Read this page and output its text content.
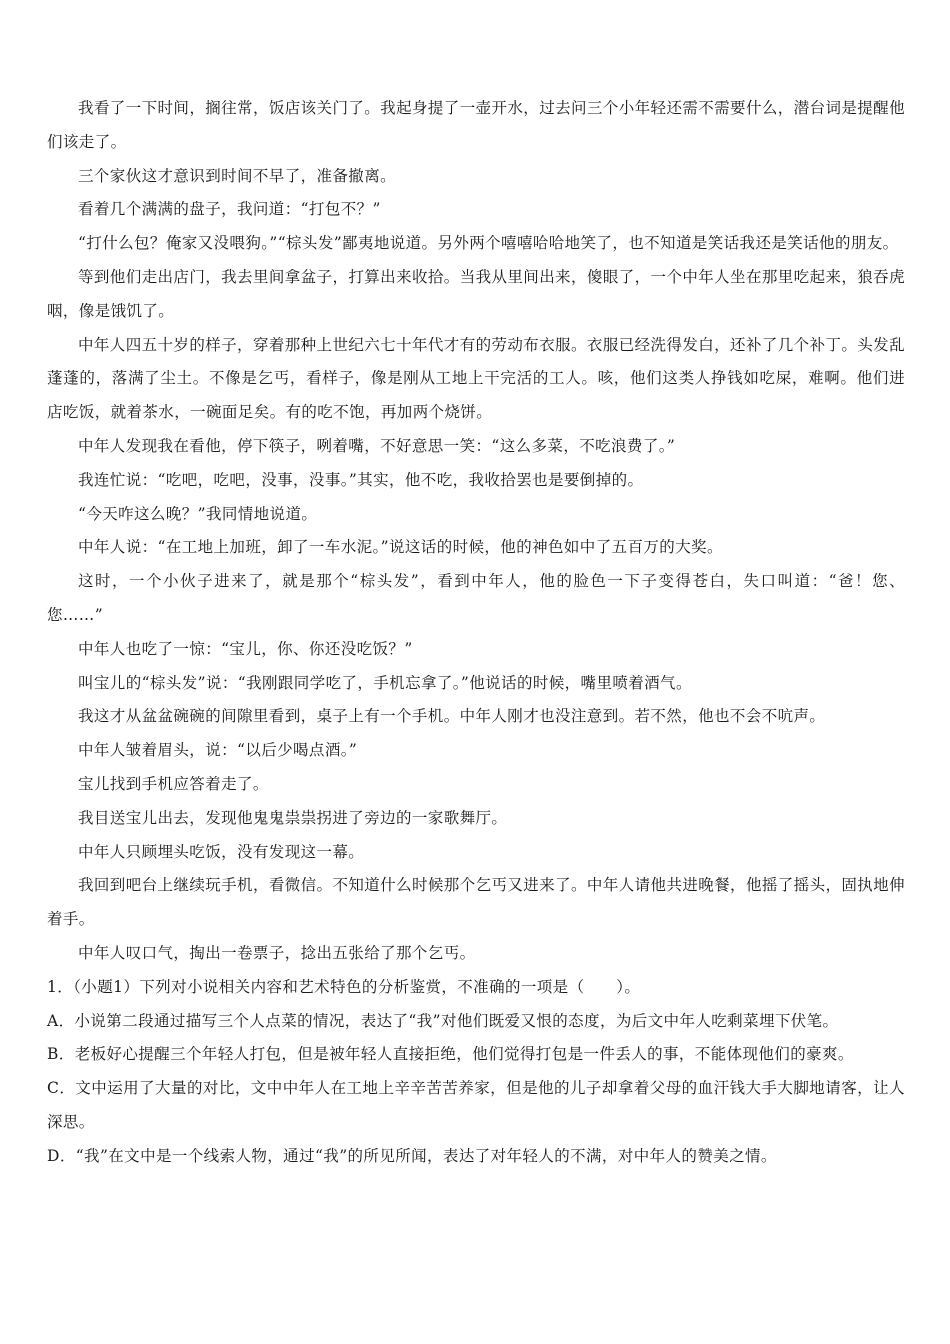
我看了一下时间，搁往常，饭店该关门了。我起身提了一壶开水，过去问三个小年轻还需不需要什么，潜台词是提醒他们该走了。

三个家伙这才意识到时间不早了，准备撤离。

看着几个满满的盘子，我问道：“打包不？”

“打什么包？俺家又没喂狗。”“棕头发”鄙夷地说道。另外两个嘻嘻哈哈地笑了，也不知道是笑话我还是笑话他的朋友。

等到他们走出店门，我去里间拿盆子，打算出来收拾。当我从里间出来，傻眼了，一个中年人坐在那里吃起来，狼吞虎咽，像是饿饥了。

中年人四五十岁的样子，穿着那种上世纪六七十年代才有的劳动布衣服。衣服已经洗得发白，还补了几个补丁。头发乱蓬蓬的，落满了尘土。不像是乞丐，看样子，像是刚从工地上干完活的工人。咳，他们这类人挣钱如吃屎，难啊。他们进店吃饭，就着茶水，一碗面足矣。有的吃不饱，再加两个烧饼。

中年人发现我在看他，停下筷子，咧着嘴，不好意思一笑：“这么多菜，不吃浪费了。”

我连忙说：“吃吧，吃吧，没事，没事。”其实，他不吃，我收拾罢也是要倒掉的。

“今天咋这么晚？”我同情地说道。

中年人说：“在工地上加班，卸了一车水泥。”说这话的时候，他的神色如中了五百万的大奖。

这时，一个小伙子进来了，就是那个“棕头发”，看到中年人，他的脸色一下子变得苍白，失口叫道：“爸！您、您……”

中年人也吃了一惊：“宝儿，你、你还没吃饭？”

叫宝儿的“棕头发”说：“我刚跟同学吃了，手机忘拿了。”他说话的时候，嘴里喷着酒气。

我这才从盆盆碗碗的间隙里看到，桌子上有一个手机。中年人刚才也没注意到。若不然，他也不会不吭声。

中年人皱着眉头，说：“以后少喝点酒。”

宝儿找到手机应答着走了。

我目送宝儿出去，发现他鬼鬼祟祟拐进了旁边的一家歌舞厅。

中年人只顾埋头吃饭，没有发现这一幕。

我回到吧台上继续玩手机，看微信。不知道什么时候那个乞丐又进来了。中年人请他共进晚餐，他摇了摇头，固执地伸着手。

中年人叹口气，掏出一卷票子，捻出五张给了那个乞丐。

1．（小题1）下列对小说相关内容和艺术特色的分析鉴赏，不准确的一项是（　　）。

A．小说第二段通过描写三个人点菜的情况，表达了“我”对他们既爱又恨的态度，为后文中年人吃剩菜埋下伏笔。

B．老板好心提醒三个年轻人打包，但是被年轻人直接拒绝，他们觉得打包是一件丢人的事，不能体现他们的豪爽。

C．文中运用了大量的对比，文中中年人在工地上辛辛苦苦养家，但是他的儿子却拿着父母的血汗钱大手大脚地请客，让人深思。

D．“我”在文中是一个线索人物，通过“我”的所见所闻，表达了对年轻人的不满，对中年人的赞美之情。
